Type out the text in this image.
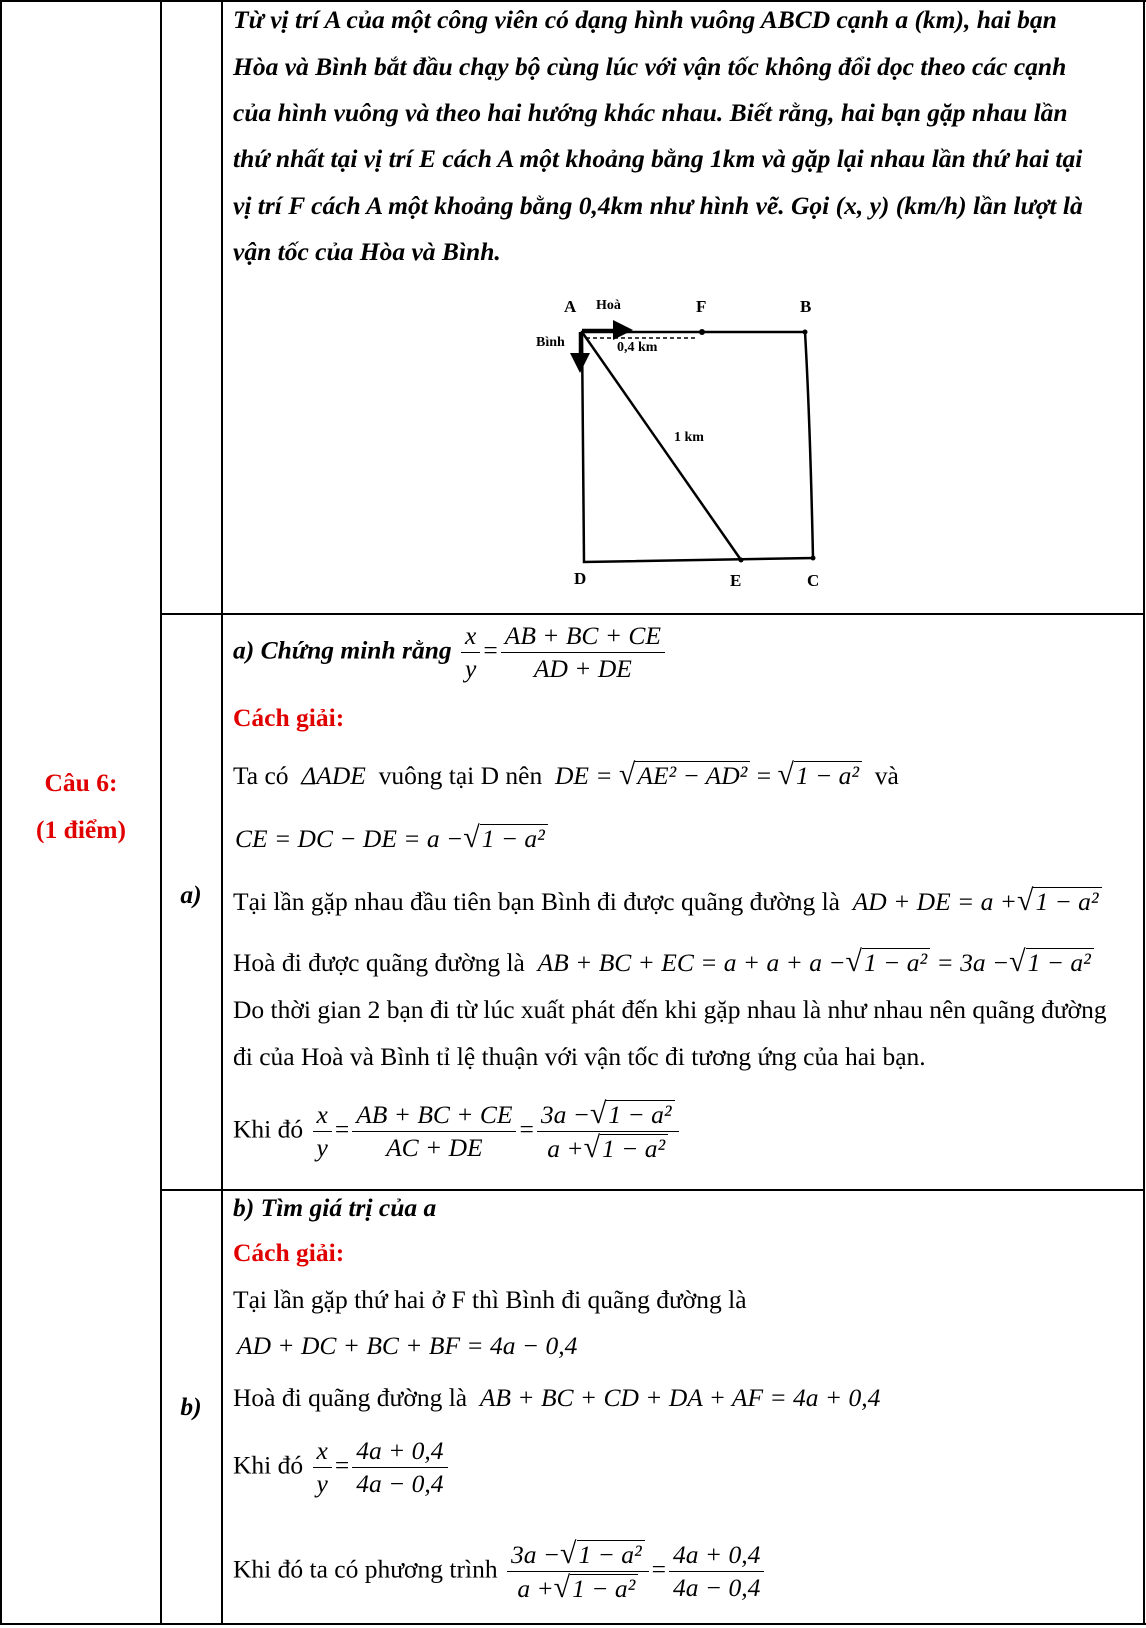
Câu 6:
(1 điểm)
Từ vị trí A của một công viên có dạng hình vuông ABCD cạnh a (km), hai bạn
Hòa và Bình bắt đầu chạy bộ cùng lúc với vận tốc không đổi dọc theo các cạnh
của hình vuông và theo hai hướng khác nhau. Biết rằng, hai bạn gặp nhau lần
thứ nhất tại vị trí E cách A một khoảng bằng 1km và gặp lại nhau lần thứ hai tại
vị trí F cách A một khoảng bằng 0,4km như hình vẽ. Gọi (x, y) (km/h) lần lượt là
vận tốc của Hòa và Bình.
A Hoà	F	B
Bình	0,4 km
1 km
D	E	C
a)
a) Chứng minh rằng $\frac{x}{y} = \frac{AB + BC + CE}{AD + DE}$
Cách giải:
Ta có ΔADE vuông tại D nên DE = √AE² − AD² = √1 − a² và
CE = DC − DE = a −√1 − a²
Tại lần gặp nhau đầu tiên bạn Bình đi được quãng đường là AD + DE = a +√1 − a²
Hoà đi được quãng đường là AB + BC + EC = a + a + a −√1 − a² = 3a −√1 − a²
Do thời gian 2 bạn đi từ lúc xuất phát đến khi gặp nhau là như nhau nên quãng đường
đi của Hoà và Bình tỉ lệ thuận với vận tốc đi tương ứng của hai bạn.
Khi đó $\frac{x}{y} = \frac{AB + BC + CE}{AC + DE} = \frac{\text{3a −√1 − a²}}{\text{a +√1 − a²}}$
b)
b) Tìm giá trị của a
Cách giải:
Tại lần gặp thứ hai ở F thì Bình đi quãng đường là
AD + DC + BC + BF = 4a − 0,4
Hoà đi quãng đường là AB + BC + CD + DA + AF = 4a + 0,4
Khi đó $\frac{x}{y} = \frac{4a + 0,4}{4a - 0,4}$
Khi đó ta có phương trình $\frac{\text{3a −√1 − a²}}{\text{a +√1 − a²}} = \frac{4a + 0,4}{4a - 0,4}$
